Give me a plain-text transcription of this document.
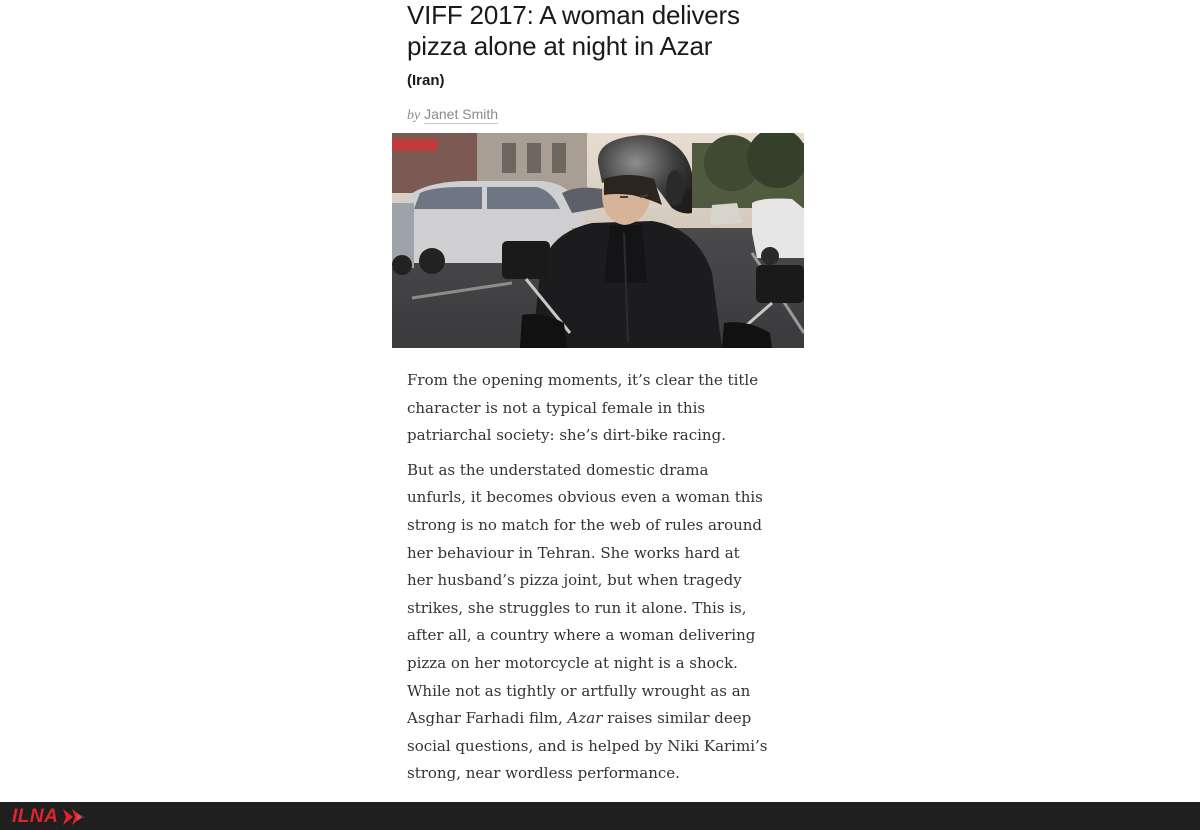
VIFF 2017: A woman delivers
pizza alone at night in Azar
(Iran)
by Janet Smith

From the opening moments, it’s clear the title
character is not a typical female in this
patriarchal society: she’s dirt-bike racing.

But as the understated domestic drama
unfurls, it becomes obvious even a woman this
strong is no match for the web of rules around
her behaviour in Tehran. She works hard at
her husband’s pizza joint, but when tragedy
strikes, she struggles to run it alone. This is,
after all, a country where a woman delivering
pizza on her motorcycle at night is a shock.
While not as tightly or artfully wrought as an
Asghar Farhadi film, Azar raises similar deep
social questions, and is helped by Niki Karimi’s
strong, near wordless performance.

ILNA
